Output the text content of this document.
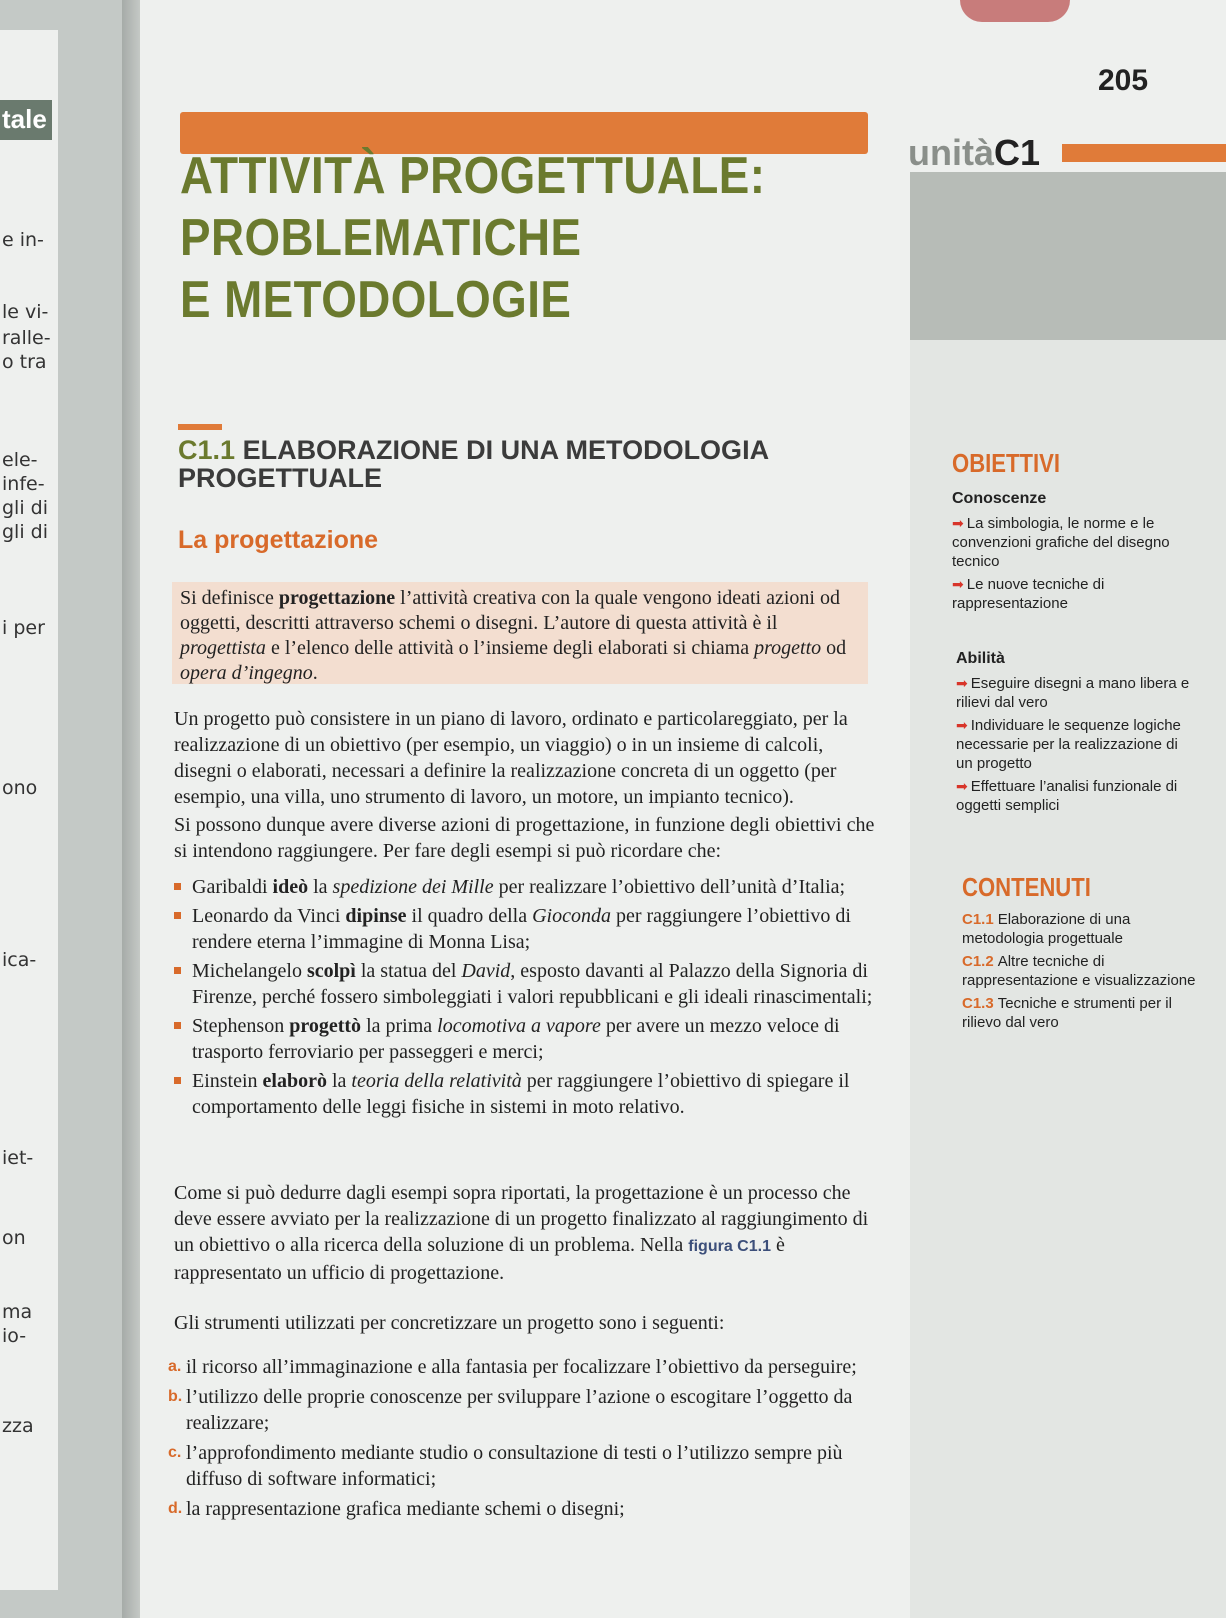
tale
e in-
le vi-
ralle-
o tra
ele-
infe-
gli di
gli di
i per
ono
ica-
iet-
on
ma
io-
zza
205
unitàC1
ATTIVITÀ PROGETTUALE:
PROBLEMATICHE
E METODOLOGIE
C1.1 ELABORAZIONE DI UNA METODOLOGIA PROGETTUALE
La progettazione

Si definisce progettazione l’attività creativa con la quale vengono ideati azioni od oggetti, descritti attraverso schemi o disegni. L’autore di questa attività è il progettista e l’elenco delle attività o l’insieme degli elaborati si chiama progetto od opera d’ingegno.

Un progetto può consistere in un piano di lavoro, ordinato e particolareggiato, per la realizzazione di un obiettivo (per esempio, un viaggio) o in un insieme di calcoli, disegni o elaborati, necessari a definire la realizzazione concreta di un oggetto (per esempio, una villa, uno strumento di lavoro, un motore, un impianto tecnico).

Si possono dunque avere diverse azioni di progettazione, in funzione degli obiettivi che si intendono raggiungere. Per fare degli esempi si può ricordare che:

Garibaldi ideò la spedizione dei Mille per realizzare l’obiettivo dell’unità d’Italia;
Leonardo da Vinci dipinse il quadro della Gioconda per raggiungere l’obiettivo di rendere eterna l’immagine di Monna Lisa;
Michelangelo scolpì la statua del David, esposto davanti al Palazzo della Signoria di Firenze, perché fossero simboleggiati i valori repubblicani e gli ideali rinascimentali;
Stephenson progettò la prima locomotiva a vapore per avere un mezzo veloce di trasporto ferroviario per passeggeri e merci;
Einstein elaborò la teoria della relatività per raggiungere l’obiettivo di spiegare il comportamento delle leggi fisiche in sistemi in moto relativo.

Come si può dedurre dagli esempi sopra riportati, la progettazione è un processo che deve essere avviato per la realizzazione di un progetto finalizzato al raggiungimento di un obiettivo o alla ricerca della soluzione di un problema. Nella figura C1.1 è rappresentato un ufficio di progettazione.

Gli strumenti utilizzati per concretizzare un progetto sono i seguenti:

a. il ricorso all’immaginazione e alla fantasia per focalizzare l’obiettivo da perseguire;
b. l’utilizzo delle proprie conoscenze per sviluppare l’azione o escogitare l’oggetto da realizzare;
c. l’approfondimento mediante studio o consultazione di testi o l’utilizzo sempre più diffuso di software informatici;
d. la rappresentazione grafica mediante schemi o disegni;
OBIETTIVI
Conoscenze
➡ La simbologia, le norme e le convenzioni grafiche del disegno tecnico
➡ Le nuove tecniche di rappresentazione
Abilità
➡ Eseguire disegni a mano libera e rilievi dal vero
➡ Individuare le sequenze logiche necessarie per la realizzazione di un progetto
➡ Effettuare l’analisi funzionale di oggetti semplici
CONTENUTI
C1.1 Elaborazione di una metodologia progettuale
C1.2 Altre tecniche di rappresentazione e visualizzazione
C1.3 Tecniche e strumenti per il rilievo dal vero
